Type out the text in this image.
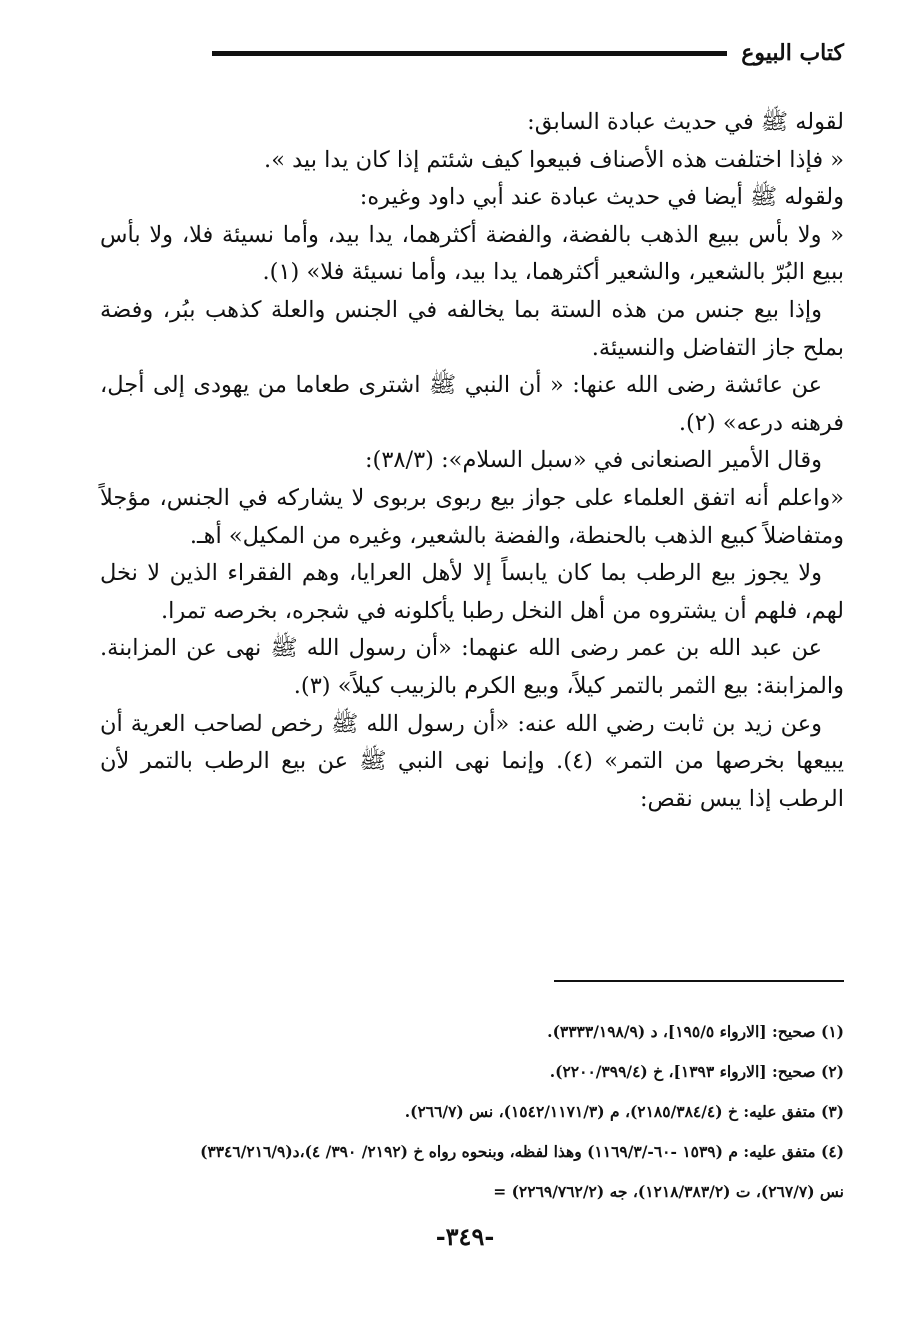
كتاب البيوع

لقوله ﷺ في حديث عبادة السابق:

« فإذا اختلفت هذه الأصناف فبيعوا كيف شئتم إذا كان يدا بيد ».

ولقوله ﷺ أيضا في حديث عبادة عند أبي داود وغيره:

« ولا بأس ببيع الذهب بالفضة، والفضة أكثرهما، يدا بيد، وأما نسيئة فلا، ولا بأس ببيع البُرّ بالشعير، والشعير أكثرهما، يدا بيد، وأما نسيئة فلا» (١).

وإذا بيع جنس من هذه الستة بما يخالفه في الجنس والعلة كذهب ببُر، وفضة بملح جاز التفاضل والنسيئة.

عن عائشة رضى الله عنها: « أن النبي ﷺ اشترى طعاما من يهودى إلى أجل، فرهنه درعه» (٢).

وقال الأمير الصنعانى في «سبل السلام»: (٣٨/٣):

«واعلم أنه اتفق العلماء على جواز بيع ربوى بربوى لا يشاركه في الجنس، مؤجلاً ومتفاضلاً كبيع الذهب بالحنطة، والفضة بالشعير، وغيره من المكيل» أهـ.

ولا يجوز بيع الرطب بما كان يابساً إلا لأهل العرايا، وهم الفقراء الذين لا نخل لهم، فلهم أن يشتروه من أهل النخل رطبا يأكلونه في شجره، بخرصه تمرا.

عن عبد الله بن عمر رضى الله عنهما: «أن رسول الله ﷺ نهى عن المزابنة. والمزابنة: بيع الثمر بالتمر كيلاً، وبيع الكرم بالزبيب كيلاً» (٣).

وعن زيد بن ثابت رضي الله عنه: «أن رسول الله ﷺ رخص لصاحب العرية أن يبيعها بخرصها من التمر» (٤). وإنما نهى النبي ﷺ عن بيع الرطب بالتمر لأن الرطب إذا يبس نقص:

(١) صحيح: [الارواء ١٩٥/٥]، د (٣٣٣٣/١٩٨/٩).

(٢) صحيح: [الارواء ١٣٩٣]، خ (٢٢٠٠/٣٩٩/٤).

(٣) متفق عليه: خ (٢١٨٥/٣٨٤/٤)، م (١٥٤٢/١١٧١/٣)، نس (٢٦٦/٧).

(٤) متفق عليه: م (١٥٣٩ -٦٠-/١١٦٩/٣) وهذا لفظه، وبنحوه رواه خ (٢١٩٢/ ٣٩٠/ ٤)،د(٣٣٤٦/٢١٦/٩)

نس (٢٦٧/٧)، ت (١٢١٨/٣٨٣/٢)، جه (٢٢٦٩/٧٦٢/٢) =

-٣٤٩-
